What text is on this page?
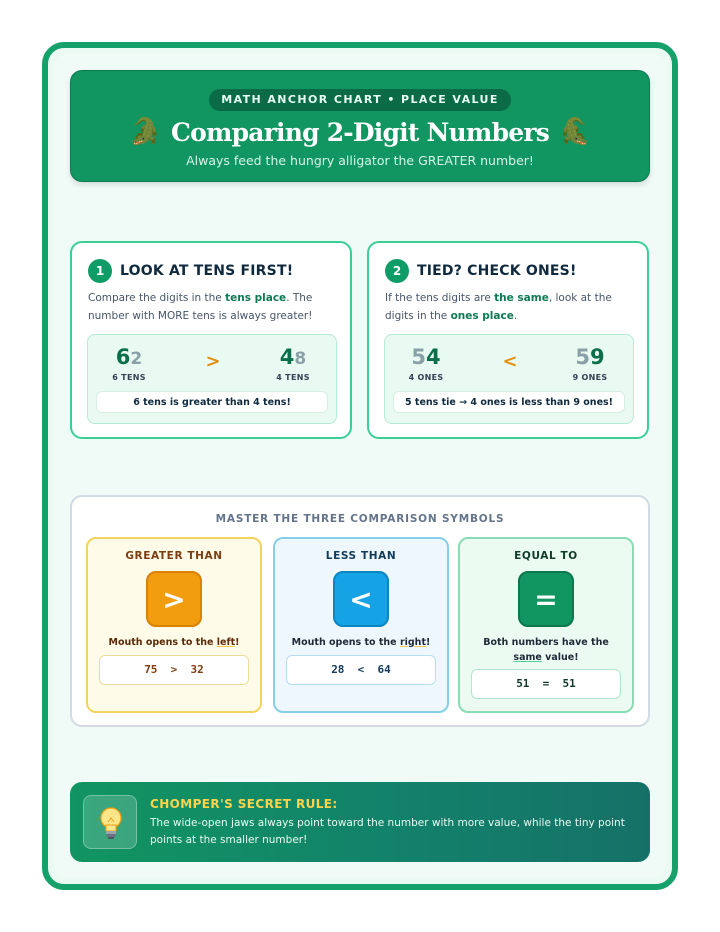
MATH ANCHOR CHART • PLACE VALUE
🐊 Comparing 2-Digit Numbers 🐊
Always feed the hungry alligator the GREATER number!
1	LOOK AT TENS FIRST!
Compare the digits in the tens place. The number with MORE tens is always greater!
62
6 TENS
>	48
4 TENS
6 tens is greater than 4 tens!
2	TIED? CHECK ONES!
If the tens digits are the same, look at the digits in the ones place.
54
4 ONES
<	59
9 ONES
5 tens tie → 4 ones is less than 9 ones!
MASTER THE THREE COMPARISON SYMBOLS
GREATER THAN
>
Mouth opens to the left!
75  >  32
LESS THAN
<
Mouth opens to the right!
28  <  64
EQUAL TO
=
Both numbers have the same value!
51  =  51
CHOMPER'S SECRET RULE:
The wide-open jaws always point toward the number with more value, while the tiny point points at the smaller number!
